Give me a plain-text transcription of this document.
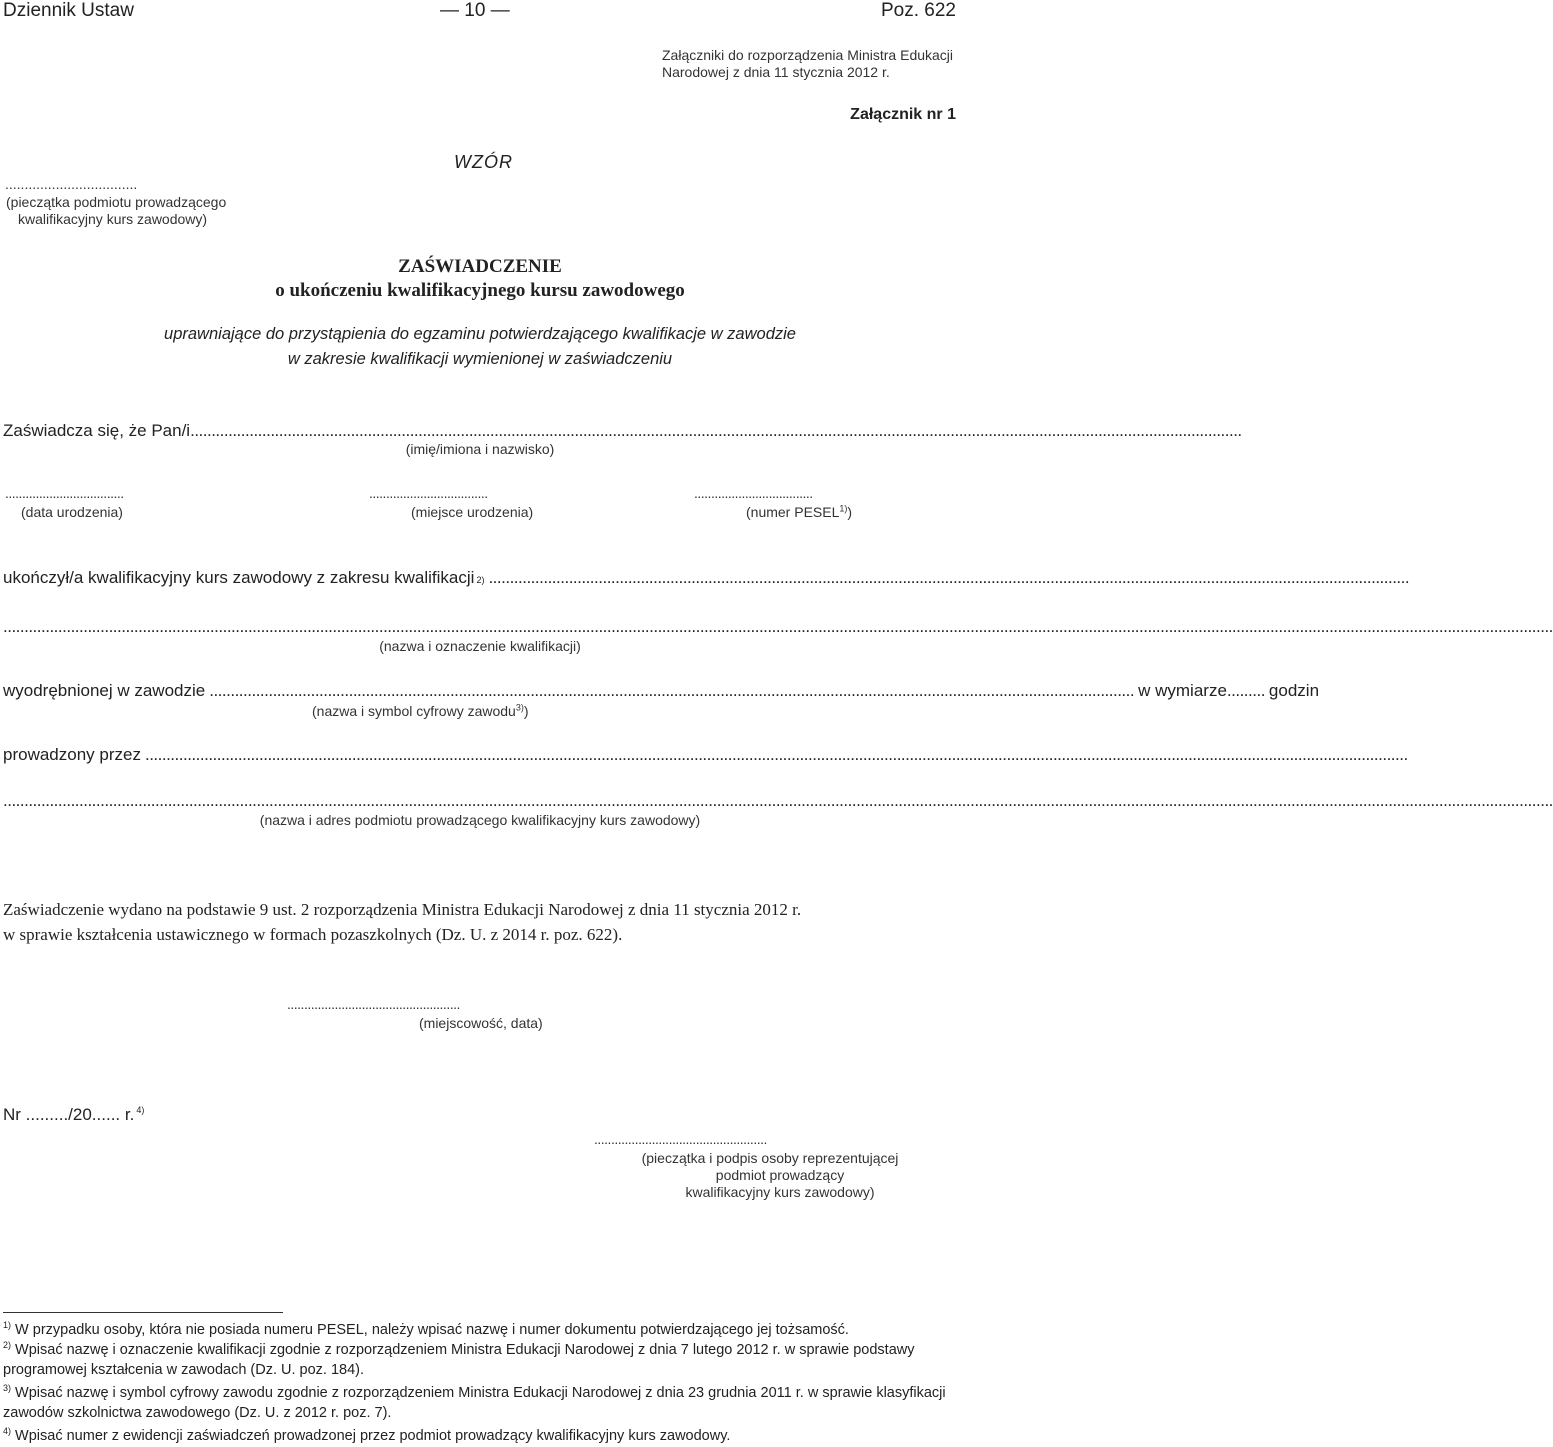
Dziennik Ustaw	— 10 —	Poz. 622
Załączniki do rozporządzenia Ministra Edukacji
Narodowej z dnia 11 stycznia 2012 r.
Załącznik nr 1
WZÓR
..................................
(pieczątka podmiotu prowadzącego
kwalifikacyjny kurs zawodowy)
ZAŚWIADCZENIE
o ukończeniu kwalifikacyjnego kursu zawodowego
uprawniające do przystąpienia do egzaminu potwierdzającego kwalifikacje w zawodzie
w zakresie kwalifikacji wymienionej w zaświadczeniu
Zaświadcza się, że Pan/i .........................................................................................................................................................................................................................................................
(imię/imiona i nazwisko)
...................................	...................................	...................................
(data urodzenia)	(miejsce urodzenia)	(numer PESEL$^{1)}$)
ukończył/a kwalifikacyjny kurs zawodowy z zakresu kwalifikacji 2) ..........................................................................................................................................................................................................................
...............................................................................................................................................................................................................................................................................................................................................................................
(nazwa i oznaczenie kwalifikacji)
wyodrębnionej w zawodzie ........................................................................................................................................................................................................................... w wymiarze ......... godzin
(nazwa i symbol cyfrowy zawodu$^{3)}$)
prowadzony przez ...........................................................................................................................................................................................................................................................................................................
...............................................................................................................................................................................................................................................................................................................................................................................
(nazwa i adres podmiotu prowadzącego kwalifikacyjny kurs zawodowy)
Zaświadczenie wydano na podstawie 9 ust. 2 rozporządzenia Ministra Edukacji Narodowej z dnia 11 stycznia 2012 r.
w sprawie kształcenia ustawicznego w formach pozaszkolnych (Dz. U. z 2014 r. poz. 622).
...................................................
(miejscowość, data)
Nr ........./20...... r. $^{4)}$
...................................................
(pieczątka i podpis osoby reprezentującej
podmiot prowadzący
kwalifikacyjny kurs zawodowy)
$^{1)}$ W przypadku osoby, która nie posiada numeru PESEL, należy wpisać nazwę i numer dokumentu potwierdzającego jej tożsamość.
$^{2)}$ Wpisać nazwę i oznaczenie kwalifikacji zgodnie z rozporządzeniem Ministra Edukacji Narodowej z dnia 7 lutego 2012 r. w sprawie podstawy programowej kształcenia w zawodach (Dz. U. poz. 184).
$^{3)}$ Wpisać nazwę i symbol cyfrowy zawodu zgodnie z rozporządzeniem Ministra Edukacji Narodowej z dnia 23 grudnia 2011 r. w sprawie klasyfikacji zawodów szkolnictwa zawodowego (Dz. U. z 2012 r. poz. 7).
$^{4)}$ Wpisać numer z ewidencji zaświadczeń prowadzonej przez podmiot prowadzący kwalifikacyjny kurs zawodowy.
